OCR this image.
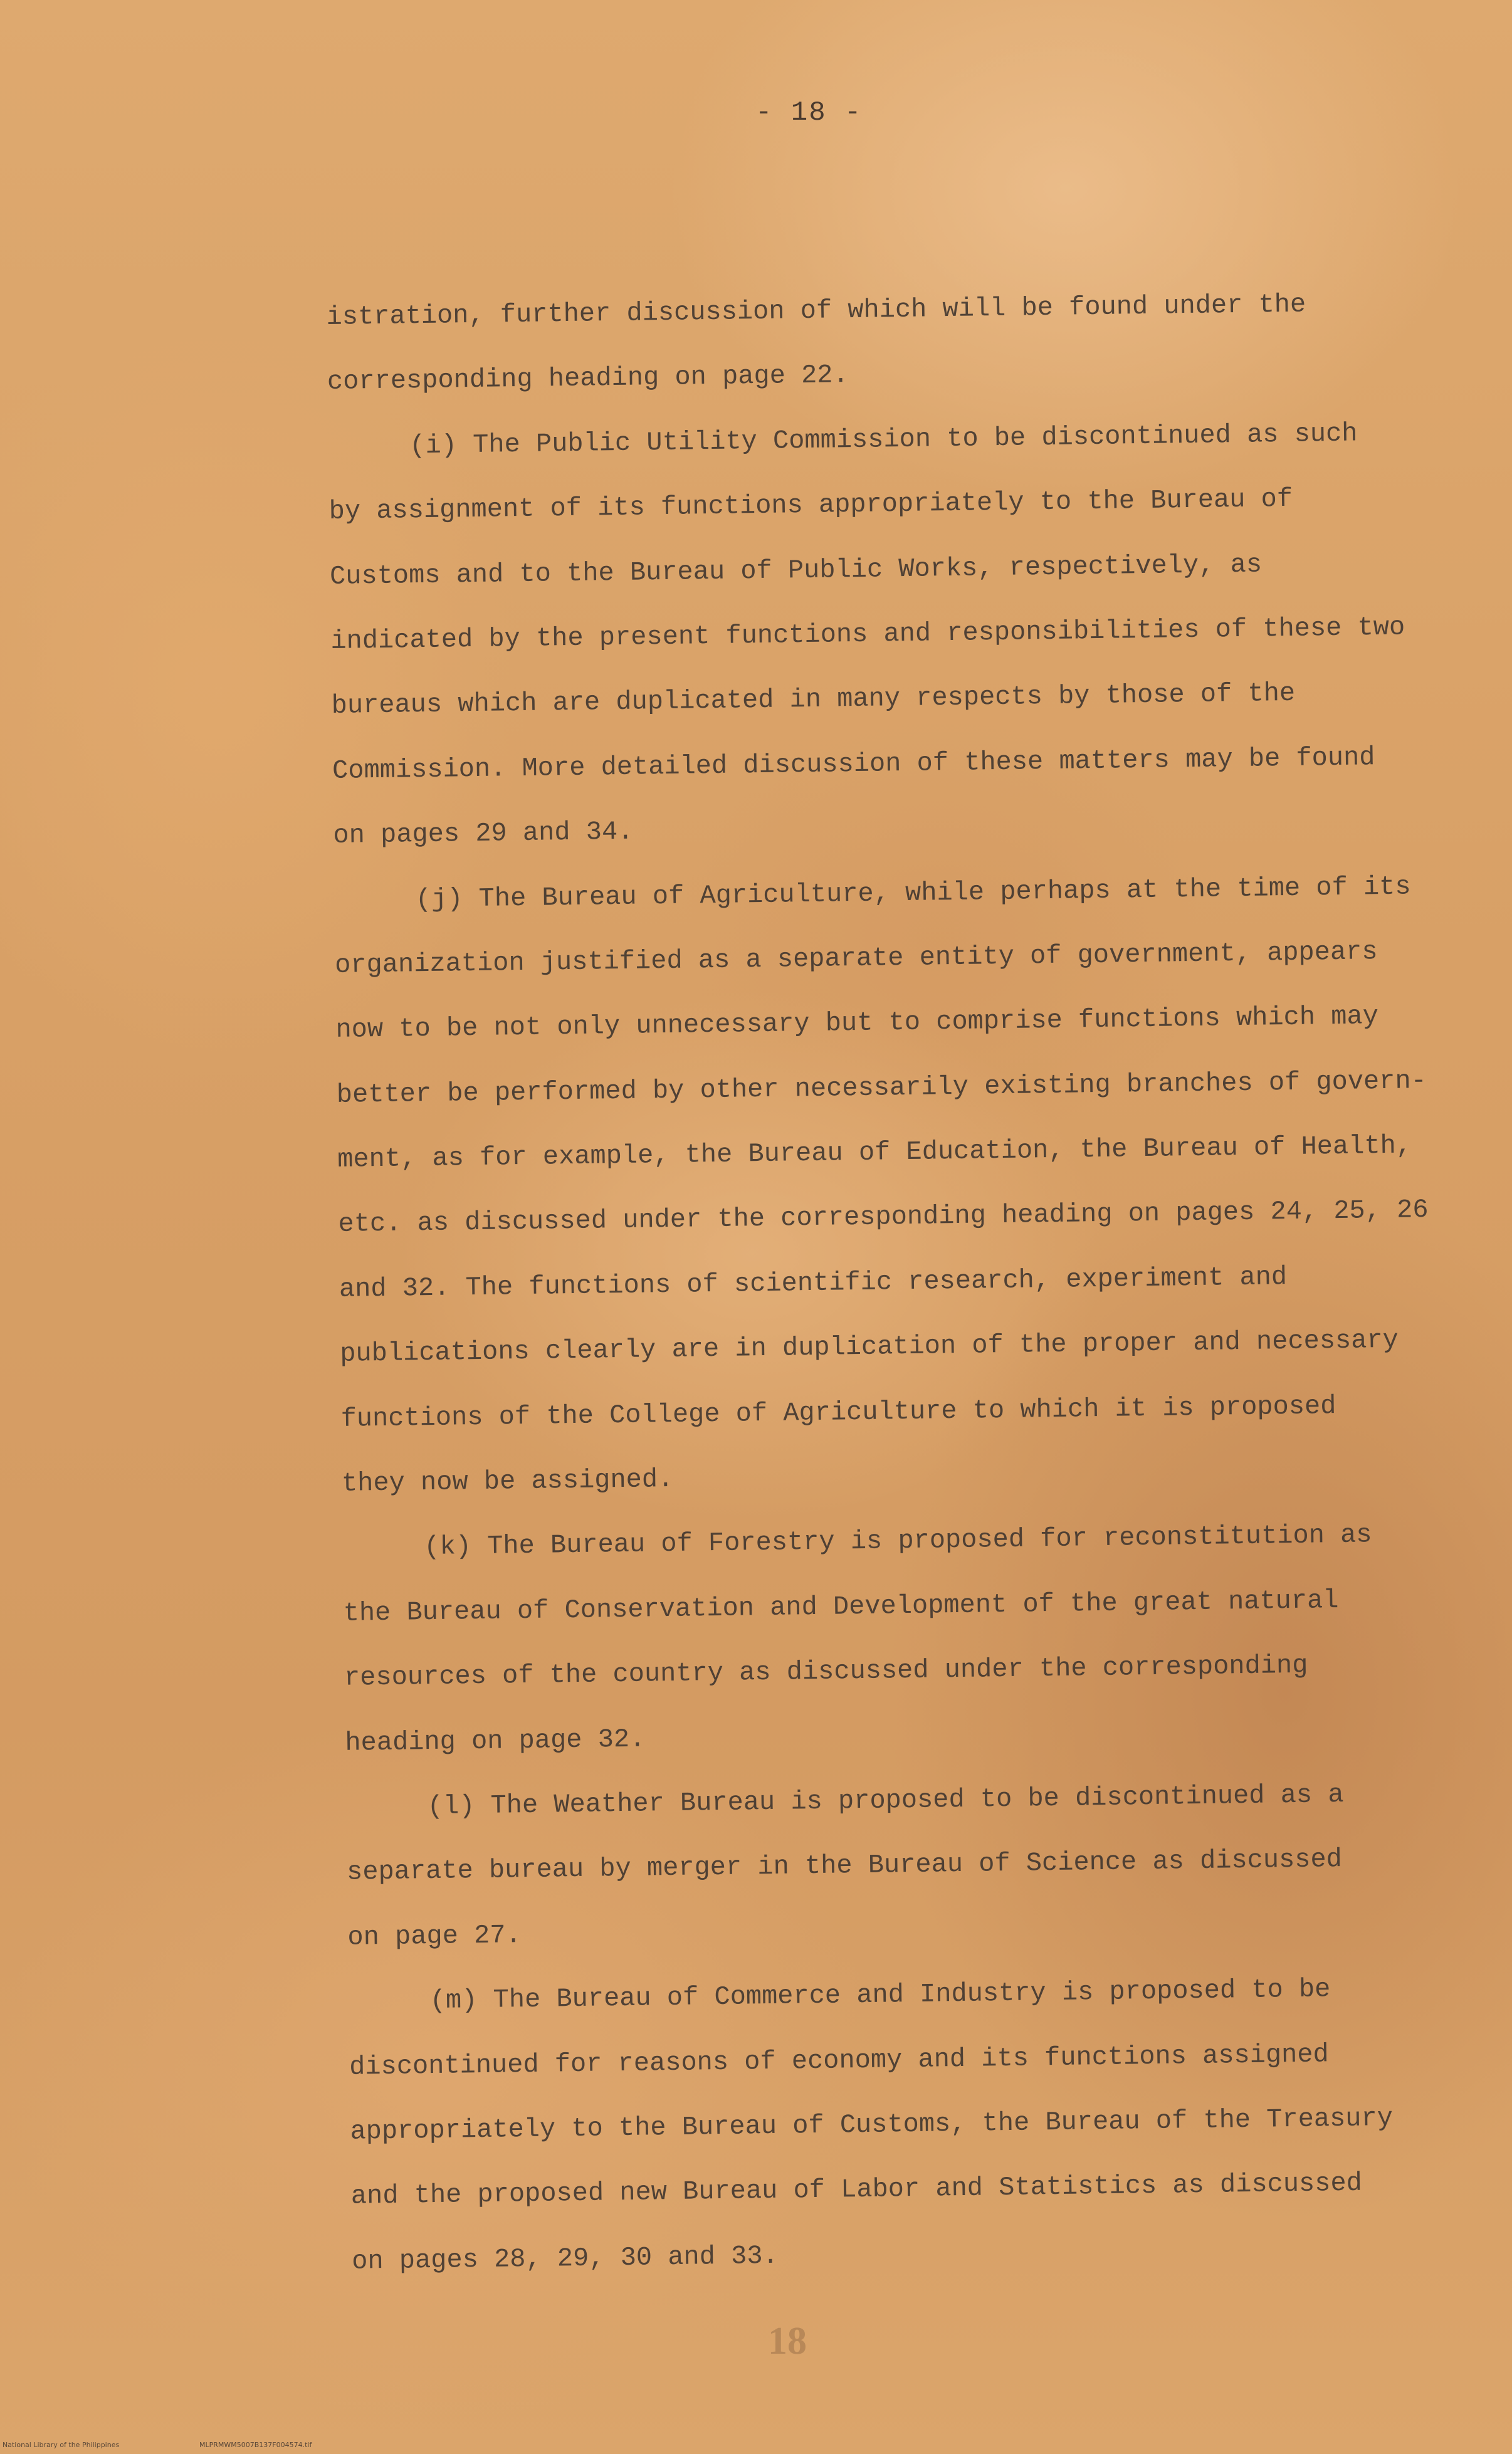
- 18 -
istration, further discussion of which will be found under the
corresponding heading on page 22.
(i) The Public Utility Commission to be discontinued as such
by assignment of its functions appropriately to the Bureau of
Customs and to the Bureau of Public Works, respectively, as
indicated by the present functions and responsibilities of these two
bureaus which are duplicated in many respects by those of the
Commission. More detailed discussion of these matters may be found
on pages 29 and 34.
(j) The Bureau of Agriculture, while perhaps at the time of its
organization justified as a separate entity of government, appears
now to be not only unnecessary but to comprise functions which may
better be performed by other necessarily existing branches of govern-
ment, as for example, the Bureau of Education, the Bureau of Health,
etc. as discussed under the corresponding heading on pages 24, 25, 26
and 32. The functions of scientific research, experiment and
publications clearly are in duplication of the proper and necessary
functions of the College of Agriculture to which it is proposed
they now be assigned.
(k) The Bureau of Forestry is proposed for reconstitution as
the Bureau of Conservation and Development of the great natural
resources of the country as discussed under the corresponding
heading on page 32.
(l) The Weather Bureau is proposed to be discontinued as a
separate bureau by merger in the Bureau of Science as discussed
on page 27.
(m) The Bureau of Commerce and Industry is proposed to be
discontinued for reasons of economy and its functions assigned
appropriately to the Bureau of Customs, the Bureau of the Treasury
and the proposed new Bureau of Labor and Statistics as discussed
on pages 28, 29, 30 and 33.
18
National Library of the Philippines	MLPRMWM5007B137F004574.tif
